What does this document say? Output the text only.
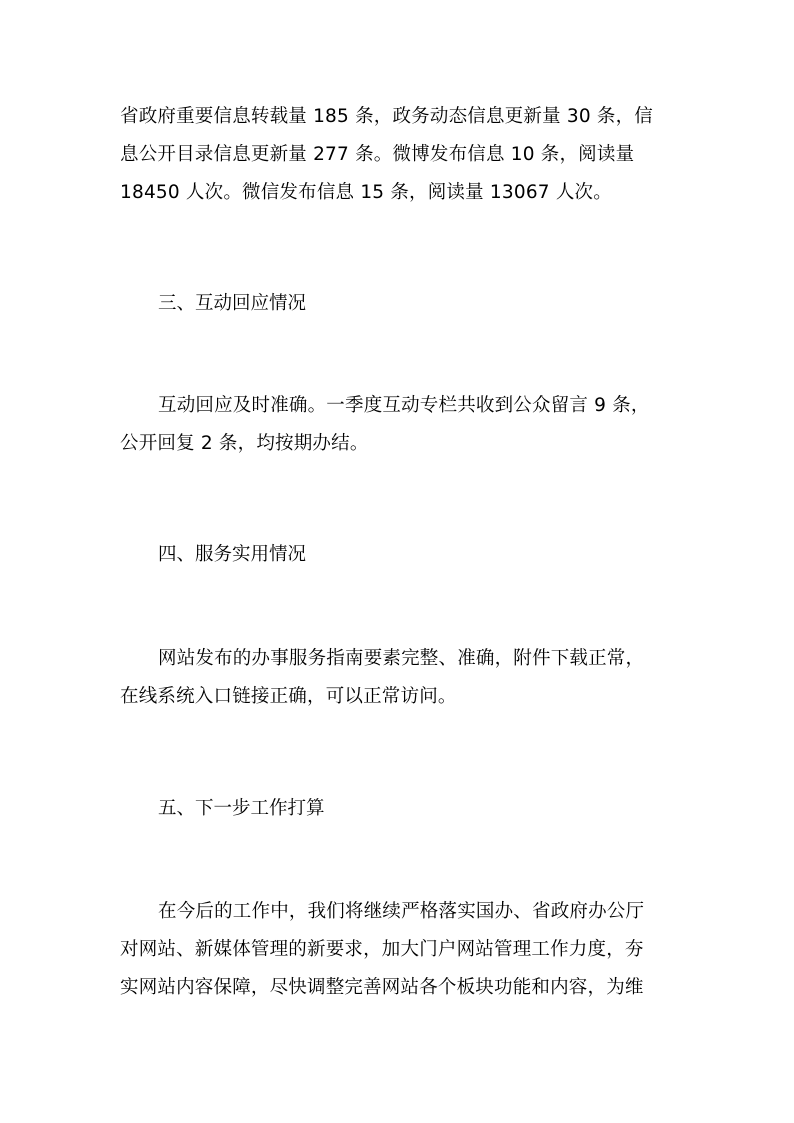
省政府重要信息转载量 185 条，政务动态信息更新量 30 条，信
息公开目录信息更新量 277 条。微博发布信息 10 条，阅读量
18450 人次。微信发布信息 15 条，阅读量 13067 人次。
三、互动回应情况
互动回应及时准确。一季度互动专栏共收到公众留言 9 条，
公开回复 2 条，均按期办结。
四、服务实用情况
网站发布的办事服务指南要素完整、准确，附件下载正常，
在线系统入口链接正确，可以正常访问。
五、下一步工作打算
在今后的工作中，我们将继续严格落实国办、省政府办公厅
对网站、新媒体管理的新要求，加大门户网站管理工作力度，夯
实网站内容保障，尽快调整完善网站各个板块功能和内容，为维
